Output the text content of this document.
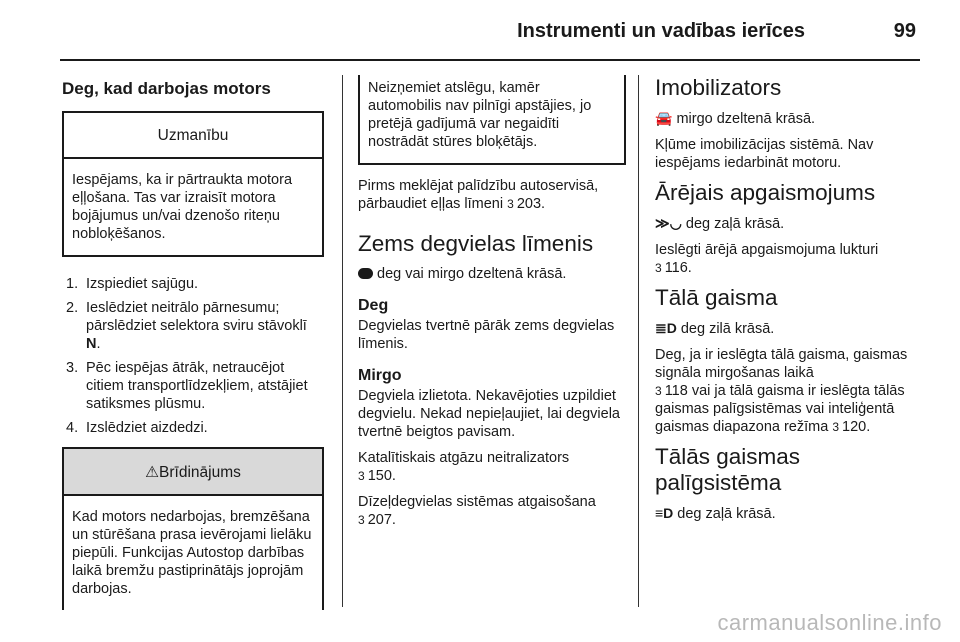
Instrumenti un vadības ierīces	99
Deg, kad darbojas motors
Uzmanību
Iespējams, ka ir pārtraukta motora eļļošana. Tas var izraisīt motora bojājumus un/vai dzenošo riteņu nobloķēšanos.
1. Izspiediet sajūgu.
2. Ieslēdziet neitrālo pārnesumu; pārslēdziet selektora sviru stāvoklī N.
3. Pēc iespējas ātrāk, netraucējot citiem transportlīdzekļiem, atstājiet satiksmes plūsmu.
4. Izslēdziet aizdedzi.
⚠Brīdinājums
Kad motors nedarbojas, bremzēšana un stūrēšana prasa ievērojami lielāku piepūli. Funkcijas Autostop darbības laikā bremžu pastiprinātājs joprojām darbojas.
Neizņemiet atslēgu, kamēr automobilis nav pilnīgi apstājies, jo pretējā gadījumā var negaidīti nostrādāt stūres bloķētājs.

Pirms meklējat palīdzību autoservisā, pārbaudiet eļļas līmeni 3 203.

Zems degvielas līmenis

deg vai mirgo dzeltenā krāsā.

Deg

Degvielas tvertnē pārāk zems degvielas līmenis.

Mirgo

Degviela izlietota. Nekavējoties uzpildiet degvielu. Nekad nepieļaujiet, lai degviela tvertnē beigtos pavisam.

Katalītiskais atgāzu neitralizators
3 150.

Dīzeļdegvielas sistēmas atgaisošana
3 207.

Imobilizators

🚘 mirgo dzeltenā krāsā.

Kļūme imobilizācijas sistēmā. Nav iespējams iedarbināt motoru.

Ārējais apgaismojums

≫◡ deg zaļā krāsā.

Ieslēgti ārējā apgaismojuma lukturi
3 116.

Tālā gaisma

≣D deg zilā krāsā.

Deg, ja ir ieslēgta tālā gaisma, gaismas signāla mirgošanas laikā
3 118 vai ja tālā gaisma ir ieslēgta tālās gaismas palīgsistēmas vai inteliģentā gaismas diapazona režīma 3 120.

Tālās gaismas palīgsistēma

≡D deg zaļā krāsā.

carmanualsonline.info
